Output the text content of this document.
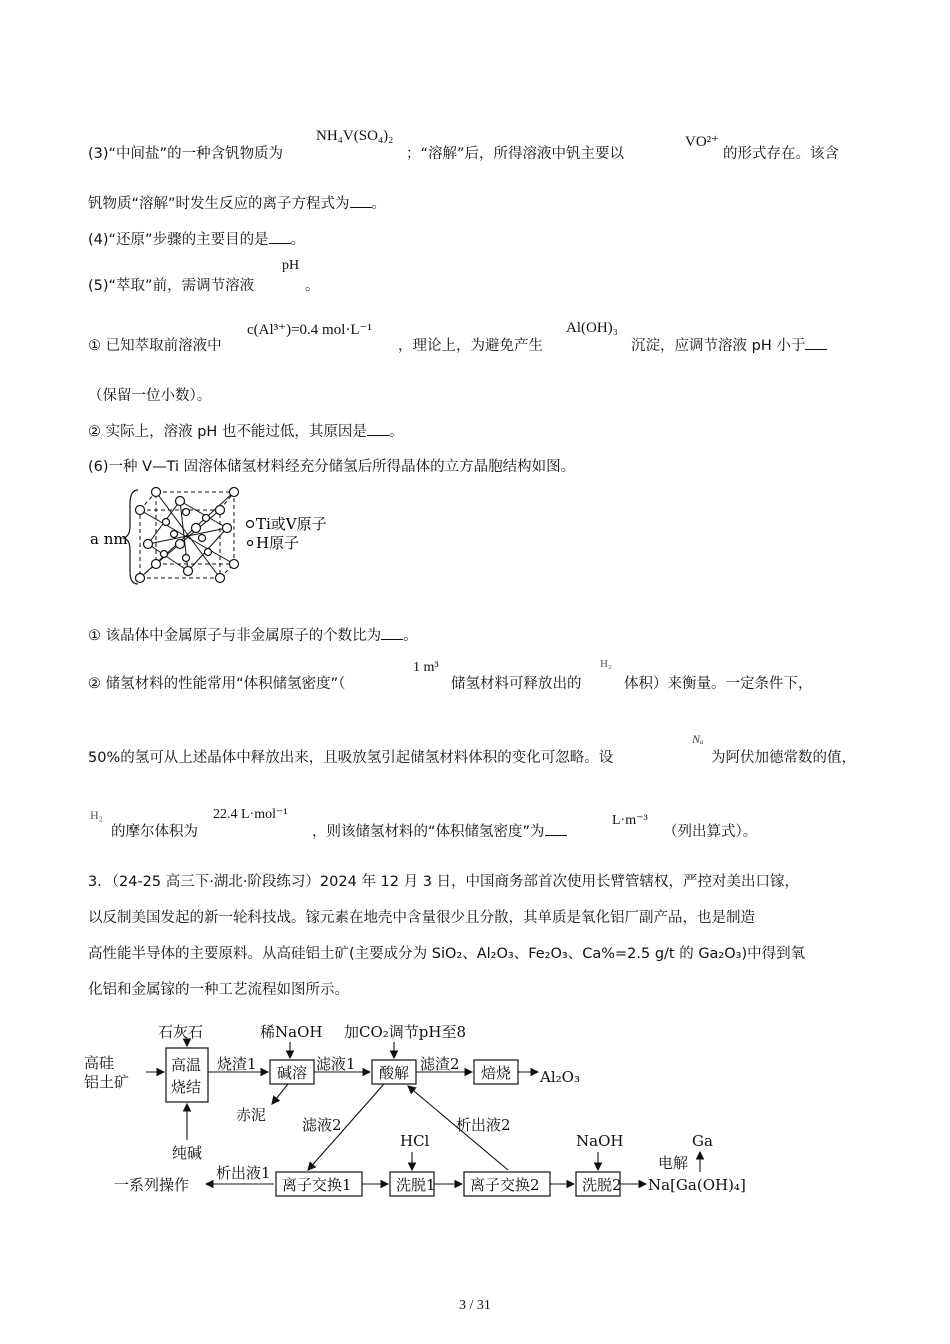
(3)“中间盐”的一种含钒物质为
NH₄V(SO₄)₂
；“溶解”后，所得溶液中钒主要以
VO²⁺
的形式存在。该含
钒物质“溶解”时发生反应的离子方程式为 。
(4)“还原”步骤的主要目的是 。
(5)“萃取”前，需调节溶液
pH
。
① 已知萃取前溶液中
c(Al³⁺)=0.4 mol·L⁻¹
，理论上，为避免产生
Al(OH)₃
沉淀，应调节溶液 pH 小于
（保留一位小数）。
② 实际上，溶液 pH 也不能过低，其原因是 。
(6)一种 V—Ti 固溶体储氢材料经充分储氢后所得晶体的立方晶胞结构如图。
a nm
Ti或V原子
H原子
① 该晶体中金属原子与非金属原子的个数比为 。
② 储氢材料的性能常用“体积储氢密度”（
1 m³
储氢材料可释放出的
H₂
体积）来衡量。一定条件下，
50%的氢可从上述晶体中释放出来，且吸放氢引起储氢材料体积的变化可忽略。设
Nₐ
为阿伏加德常数的值，
H₂
的摩尔体积为
22.4 L·mol⁻¹
，则该储氢材料的“体积储氢密度”为
L·m⁻³
（列出算式）。
3．（24-25 高三下·湖北·阶段练习）2024 年 12 月 3 日，中国商务部首次使用长臂管辖权，严控对美出口镓，
以反制美国发起的新一轮科技战。镓元素在地壳中含量很少且分散，其单质是氧化铝厂副产品，也是制造
高性能半导体的主要原料。从高硅铝土矿(主要成分为 SiO₂、Al₂O₃、Fe₂O₃、Ca%=2.5 g/t 的 Ga₂O₃)中得到氧
化铝和金属镓的一种工艺流程如图所示。
高硅
铝土矿
石灰石
烧渣1
稀NaOH
滤液1
加CO₂调节pH至8
滤渣2
Al₂O₃
赤泥
滤液2	析出液2
纯碱
一系列操作
析出液1
HCl	NaOH
电解
Ga
Na[Ga(OH)₄]
高温
烧结
碱溶	酸解	焙烧
离子交换1	洗脱1 离子交换2	洗脱2
3 / 31
